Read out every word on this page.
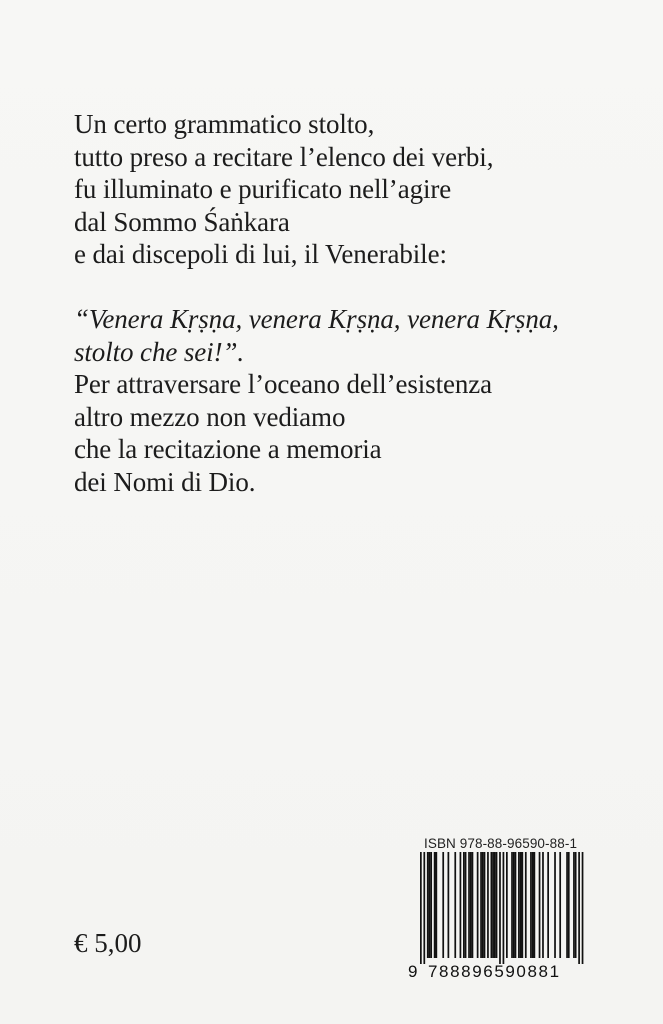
Un certo grammatico stolto,
tutto preso a recitare l’elenco dei verbi,
fu illuminato e purificato nell’agire
dal Sommo Śaṅkara
e dai discepoli di lui, il Venerabile:
“Venera Kṛṣṇa, venera Kṛṣṇa, venera Kṛṣṇa,
stolto che sei!”.
Per attraversare l’oceano dell’esistenza
altro mezzo non vediamo
che la recitazione a memoria
dei Nomi di Dio.
€ 5,00
ISBN 978-88-96590-88-1
9 788896590881
